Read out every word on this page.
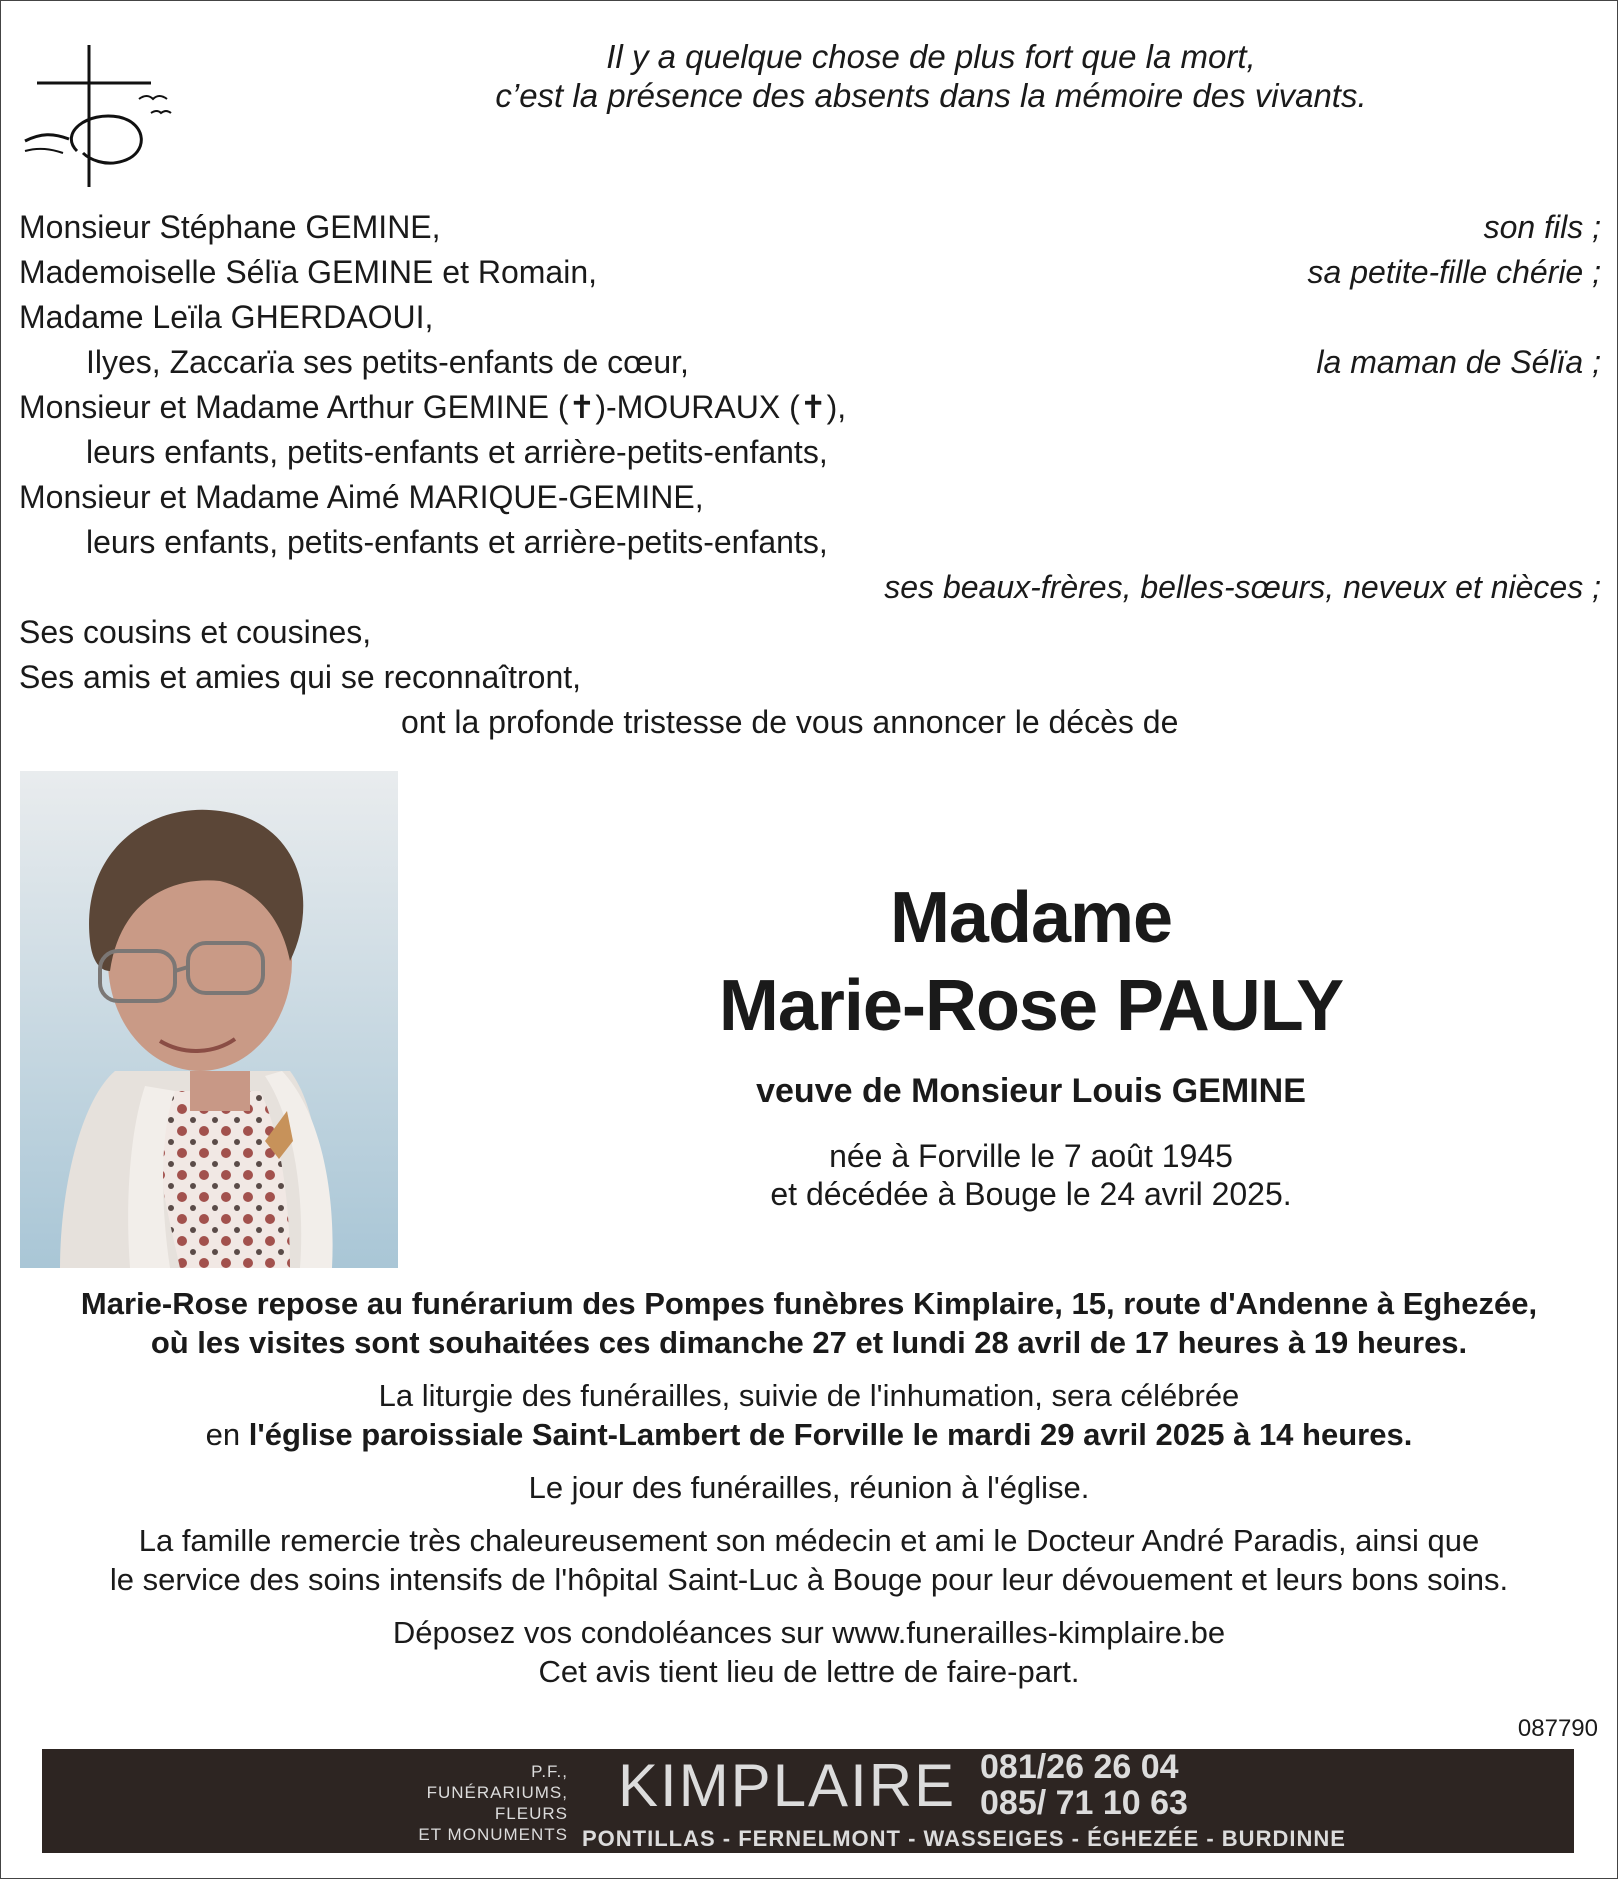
Il y a quelque chose de plus fort que la mort,
c’est la présence des absents dans la mémoire des vivants.
Monsieur Stéphane GEMINE,	son fils ;
Mademoiselle Sélïa GEMINE et Romain,	sa petite-fille chérie ;
Madame Leïla GHERDAOUI,
Ilyes, Zaccarïa ses petits-enfants de cœur,	la maman de Sélïa ;
Monsieur et Madame Arthur GEMINE (✝)-MOURAUX (✝),
leurs enfants, petits-enfants et arrière-petits-enfants,
Monsieur et Madame Aimé MARIQUE-GEMINE,
leurs enfants, petits-enfants et arrière-petits-enfants,
ses beaux-frères, belles-sœurs, neveux et nièces ;
Ses cousins et cousines,
Ses amis et amies qui se reconnaîtront,
ont la profonde tristesse de vous annoncer le décès de
Madame
Marie-Rose PAULY
veuve de Monsieur Louis GEMINE
née à Forville le 7 août 1945
et décédée à Bouge le 24 avril 2025.
Marie-Rose repose au funérarium des Pompes funèbres Kimplaire, 15, route d'Andenne à Eghezée,
où les visites sont souhaitées ces dimanche 27 et lundi 28 avril de 17 heures à 19 heures.
La liturgie des funérailles, suivie de l'inhumation, sera célébrée
en l'église paroissiale Saint-Lambert de Forville le mardi 29 avril 2025 à 14 heures.
Le jour des funérailles, réunion à l'église.
La famille remercie très chaleureusement son médecin et ami le Docteur André Paradis, ainsi que
le service des soins intensifs de l'hôpital Saint-Luc à Bouge pour leur dévouement et leurs bons soins.
Déposez vos condoléances sur www.funerailles-kimplaire.be
Cet avis tient lieu de lettre de faire-part.
087790
P.F.,
FUNÉRARIUMS,
FLEURS
ET MONUMENTS
KIMPLAIRE 081/26 26 04
085/ 71 10 63
PONTILLAS - FERNELMONT - WASSEIGES - ÉGHEZÉE - BURDINNE
